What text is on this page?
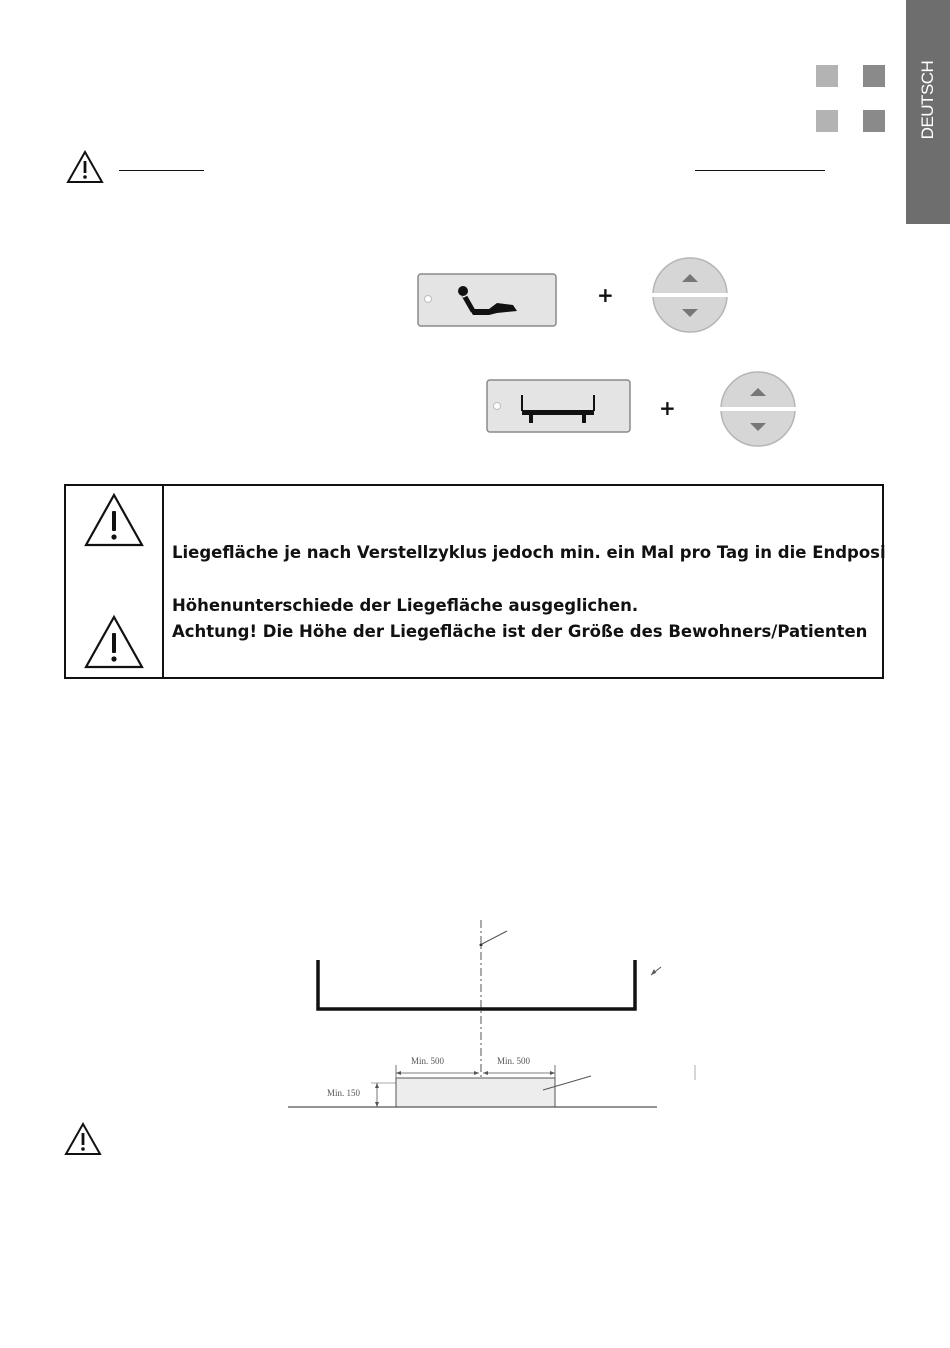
DEUTSCH
+
+
Liegefläche je nach Verstellzyklus jedoch min. ein Mal pro Tag in die Endposi
Höhenunterschiede der Liegefläche ausgeglichen.
Achtung! Die Höhe der Liegefläche ist der Größe des Bewohners/Patienten
Min. 500	Min. 500
Min. 150
